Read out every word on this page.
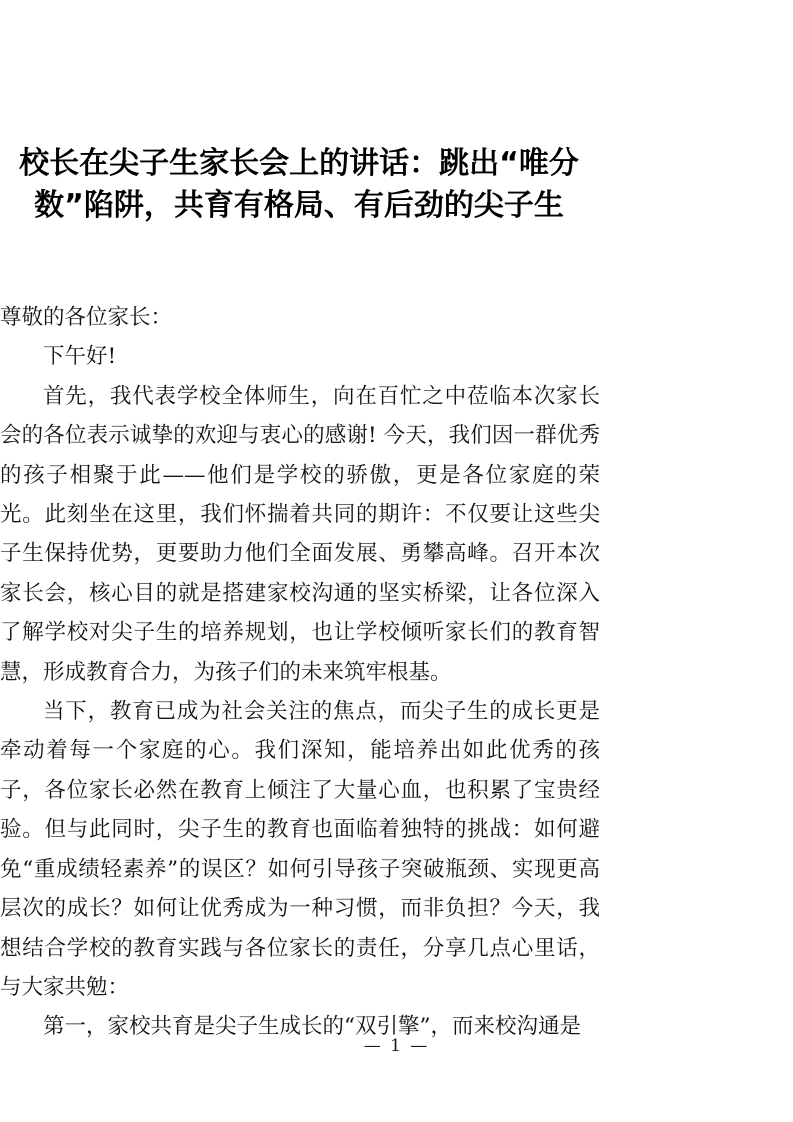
校长在尖子生家长会上的讲话：跳出“唯分数”陷阱，共育有格局、有后劲的尖子生

尊敬的各位家长：

下午好!

首先，我代表学校全体师生，向在百忙之中莅临本次家长会的各位表示诚挚的欢迎与衷心的感谢! 今天，我们因一群优秀的孩子相聚于此——他们是学校的骄傲，更是各位家庭的荣光。此刻坐在这里，我们怀揣着共同的期许：不仅要让这些尖子生保持优势，更要助力他们全面发展、勇攀高峰。召开本次家长会，核心目的就是搭建家校沟通的坚实桥梁，让各位深入了解学校对尖子生的培养规划，也让学校倾听家长们的教育智慧，形成教育合力，为孩子们的未来筑牢根基。

当下，教育已成为社会关注的焦点，而尖子生的成长更是牵动着每一个家庭的心。我们深知，能培养出如此优秀的孩子，各位家长必然在教育上倾注了大量心血，也积累了宝贵经验。但与此同时，尖子生的教育也面临着独特的挑战：如何避免“重成绩轻素养”的误区？如何引导孩子突破瓶颈、实现更高层次的成长？如何让优秀成为一种习惯，而非负担？今天，我想结合学校的教育实践与各位家长的责任，分享几点心里话，与大家共勉：

第一，家校共育是尖子生成长的“双引擎”，而来校沟通是

— 1 —
